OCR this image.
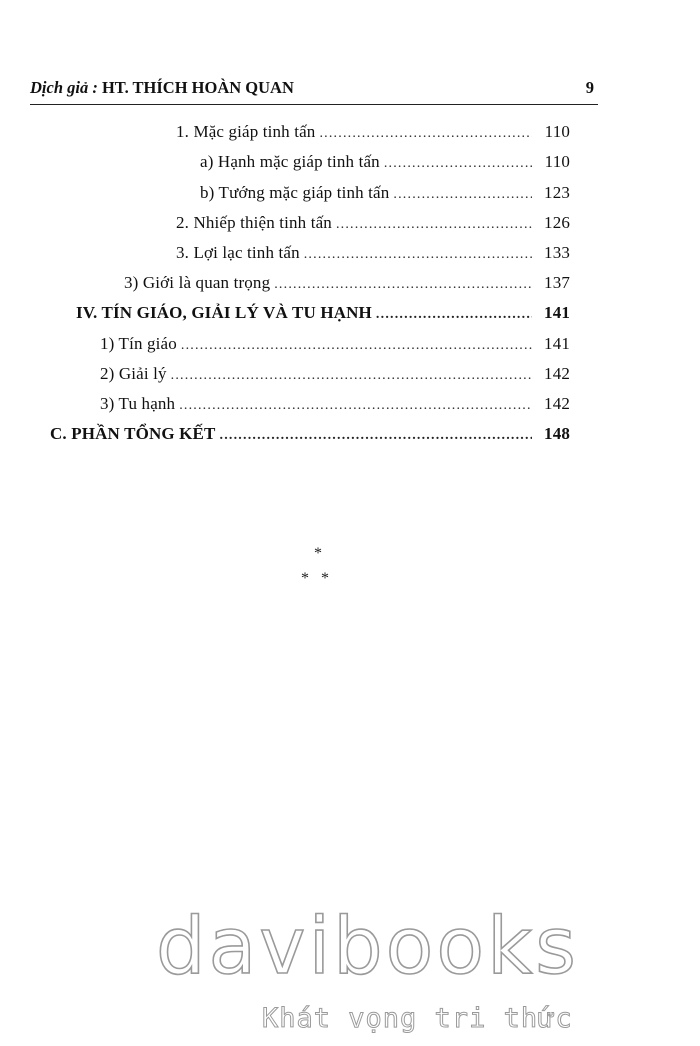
Dịch giả : HT. THÍCH HOÀN QUAN	9
1. Mặc giáp tinh tấn .....	110
a) Hạnh mặc giáp tinh tấn .....	110
b) Tướng mặc giáp tinh tấn .....	123
2. Nhiếp thiện tinh tấn .....	126
3. Lợi lạc tinh tấn .....	133
3) Giới là quan trọng .....	137
IV. TÍN GIÁO, GIẢI LÝ VÀ TU HẠNH .....	141
1) Tín giáo .....	141
2) Giải lý .....	142
3) Tu hạnh .....	142
C. PHẦN TỔNG KẾT .....	148
*
*   *
davibooks
Khát vọng tri thức
